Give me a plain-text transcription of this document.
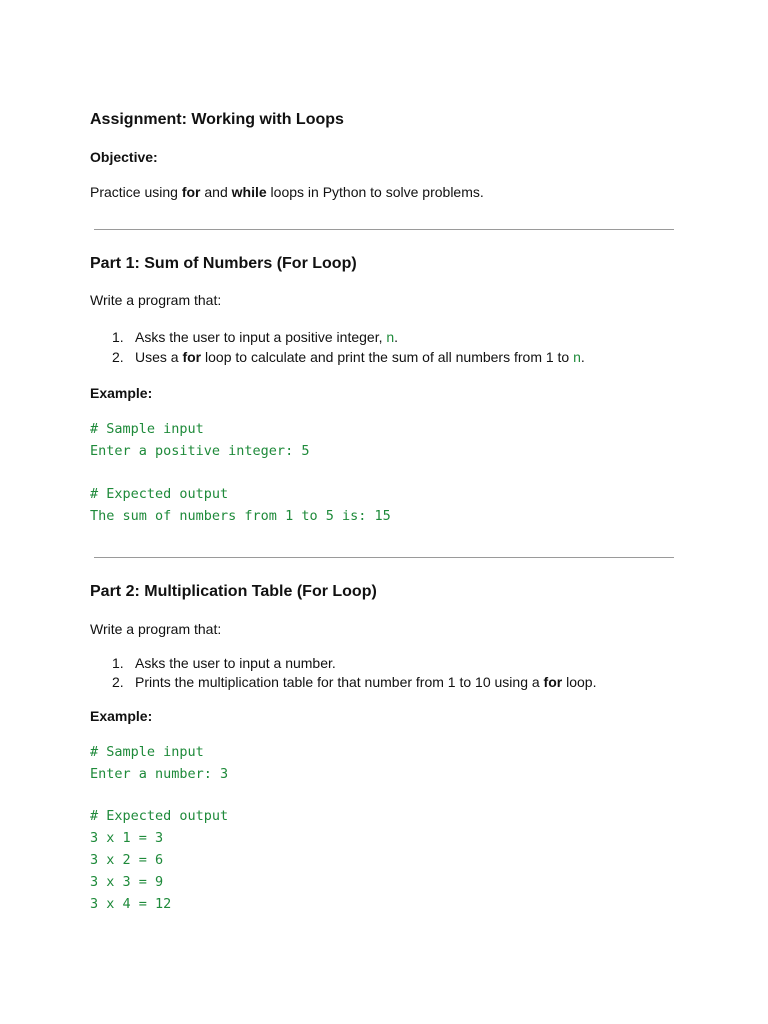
Assignment: Working with Loops
Objective:
Practice using for and while loops in Python to solve problems.
Part 1: Sum of Numbers (For Loop)
Write a program that:
1. Asks the user to input a positive integer, n.
2. Uses a for loop to calculate and print the sum of all numbers from 1 to n.
Example:
# Sample input
Enter a positive integer: 5
# Expected output
The sum of numbers from 1 to 5 is: 15
Part 2: Multiplication Table (For Loop)
Write a program that:
1. Asks the user to input a number.
2. Prints the multiplication table for that number from 1 to 10 using a for loop.
Example:
# Sample input
Enter a number: 3
# Expected output
3 x 1 = 3
3 x 2 = 6
3 x 3 = 9
3 x 4 = 12
